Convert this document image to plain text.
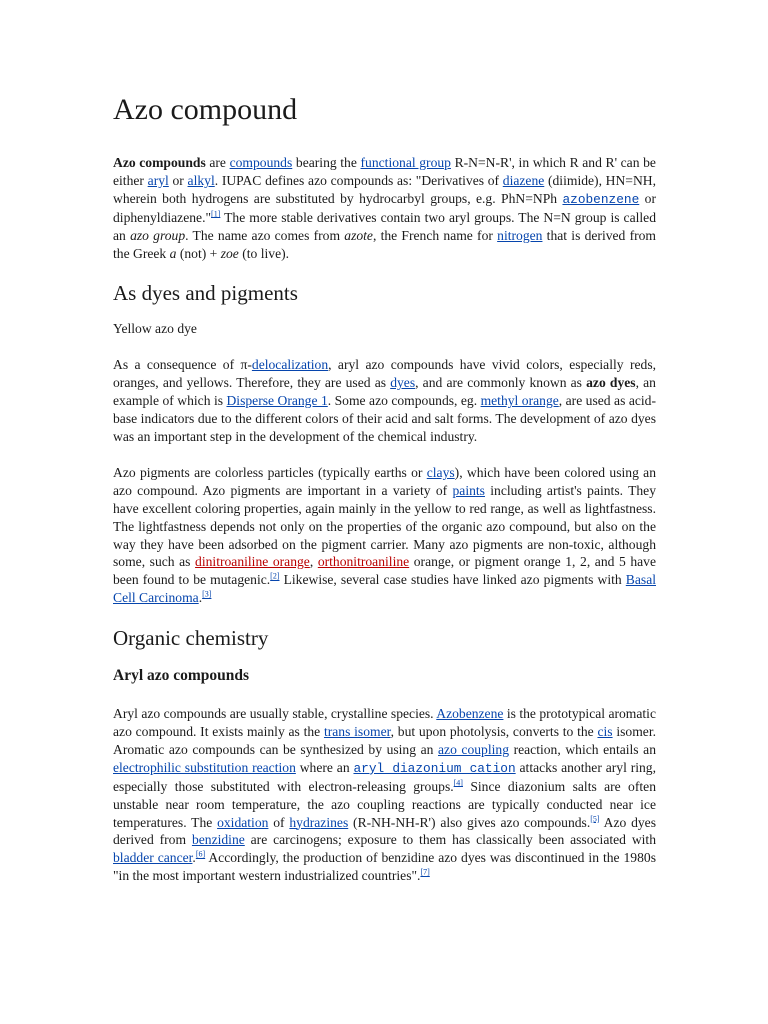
Azo compound

Azo compounds are compounds bearing the functional group R-N=N-R', in which R and R' can be either aryl or alkyl. IUPAC defines azo compounds as: "Derivatives of diazene (diimide), HN=NH, wherein both hydrogens are substituted by hydrocarbyl groups, e.g. PhN=NPh azobenzene or diphenyldiazene."[1] The more stable derivatives contain two aryl groups. The N=N group is called an azo group. The name azo comes from azote, the French name for nitrogen that is derived from the Greek a (not) + zoe (to live).

As dyes and pigments

Yellow azo dye

As a consequence of π-delocalization, aryl azo compounds have vivid colors, especially reds, oranges, and yellows. Therefore, they are used as dyes, and are commonly known as azo dyes, an example of which is Disperse Orange 1. Some azo compounds, eg. methyl orange, are used as acid-base indicators due to the different colors of their acid and salt forms. The development of azo dyes was an important step in the development of the chemical industry.

Azo pigments are colorless particles (typically earths or clays), which have been colored using an azo compound. Azo pigments are important in a variety of paints including artist's paints. They have excellent coloring properties, again mainly in the yellow to red range, as well as lightfastness. The lightfastness depends not only on the properties of the organic azo compound, but also on the way they have been adsorbed on the pigment carrier. Many azo pigments are non-toxic, although some, such as dinitroaniline orange, orthonitroaniline orange, or pigment orange 1, 2, and 5 have been found to be mutagenic.[2] Likewise, several case studies have linked azo pigments with Basal Cell Carcinoma.[3]

Organic chemistry
Aryl azo compounds

Aryl azo compounds are usually stable, crystalline species. Azobenzene is the prototypical aromatic azo compound. It exists mainly as the trans isomer, but upon photolysis, converts to the cis isomer. Aromatic azo compounds can be synthesized by using an azo coupling reaction, which entails an electrophilic substitution reaction where an aryl diazonium cation attacks another aryl ring, especially those substituted with electron-releasing groups.[4] Since diazonium salts are often unstable near room temperature, the azo coupling reactions are typically conducted near ice temperatures. The oxidation of hydrazines (R-NH-NH-R') also gives azo compounds.[5] Azo dyes derived from benzidine are carcinogens; exposure to them has classically been associated with bladder cancer.[6] Accordingly, the production of benzidine azo dyes was discontinued in the 1980s "in the most important western industrialized countries".[7]
